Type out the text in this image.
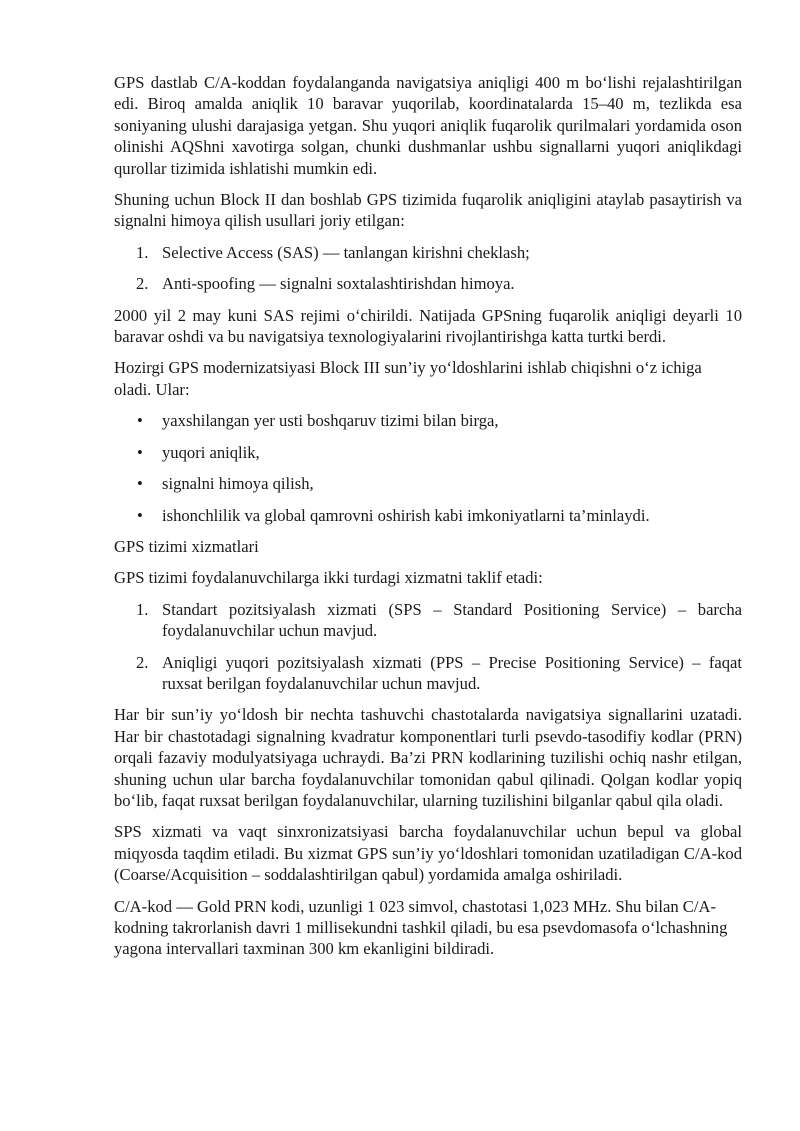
GPS dastlab C/A-koddan foydalanganda navigatsiya aniqligi 400 m bo‘lishi rejalashtirilgan edi. Biroq amalda aniqlik 10 baravar yuqorilab, koordinatalarda 15–40 m, tezlikda esa soniyaning ulushi darajasiga yetgan. Shu yuqori aniqlik fuqarolik qurilmalari yordamida oson olinishi AQShni xavotirga solgan, chunki dushmanlar ushbu signallarni yuqori aniqlikdagi qurollar tizimida ishlatishi mumkin edi.

Shuning uchun Block II dan boshlab GPS tizimida fuqarolik aniqligini ataylab pasaytirish va signalni himoya qilish usullari joriy etilgan:

1. Selective Access (SAS) — tanlangan kirishni cheklash;
2. Anti-spoofing — signalni soxtalashtirishdan himoya.

2000 yil 2 may kuni SAS rejimi o‘chirildi. Natijada GPSning fuqarolik aniqligi deyarli 10 baravar oshdi va bu navigatsiya texnologiyalarini rivojlantirishga katta turtki berdi.

Hozirgi GPS modernizatsiyasi Block III sun’iy yo‘ldoshlarini ishlab chiqishni o‘z ichiga oladi. Ular:

• yaxshilangan yer usti boshqaruv tizimi bilan birga,
• yuqori aniqlik,
• signalni himoya qilish,
• ishonchlilik va global qamrovni oshirish kabi imkoniyatlarni ta’minlaydi.

GPS tizimi xizmatlari

GPS tizimi foydalanuvchilarga ikki turdagi xizmatni taklif etadi:

1. Standart pozitsiyalash xizmati (SPS – Standard Positioning Service) – barcha foydalanuvchilar uchun mavjud.
2. Aniqligi yuqori pozitsiyalash xizmati (PPS – Precise Positioning Service) – faqat ruxsat berilgan foydalanuvchilar uchun mavjud.

Har bir sun’iy yo‘ldosh bir nechta tashuvchi chastotalarda navigatsiya signallarini uzatadi. Har bir chastotadagi signalning kvadratur komponentlari turli psevdo-tasodifiy kodlar (PRN) orqali fazaviy modulyatsiyaga uchraydi. Ba’zi PRN kodlarining tuzilishi ochiq nashr etilgan, shuning uchun ular barcha foydalanuvchilar tomonidan qabul qilinadi. Qolgan kodlar yopiq bo‘lib, faqat ruxsat berilgan foydalanuvchilar, ularning tuzilishini bilganlar qabul qila oladi.

SPS xizmati va vaqt sinxronizatsiyasi barcha foydalanuvchilar uchun bepul va global miqyosda taqdim etiladi. Bu xizmat GPS sun’iy yo‘ldoshlari tomonidan uzatiladigan C/A-kod (Coarse/Acquisition – soddalashtirilgan qabul) yordamida amalga oshiriladi.

C/A-kod — Gold PRN kodi, uzunligi 1 023 simvol, chastotasi 1,023 MHz. Shu bilan C/A-kodning takrorlanish davri 1 millisekundni tashkil qiladi, bu esa psevdomasofa o‘lchashning yagona intervallari taxminan 300 km ekanligini bildiradi.
